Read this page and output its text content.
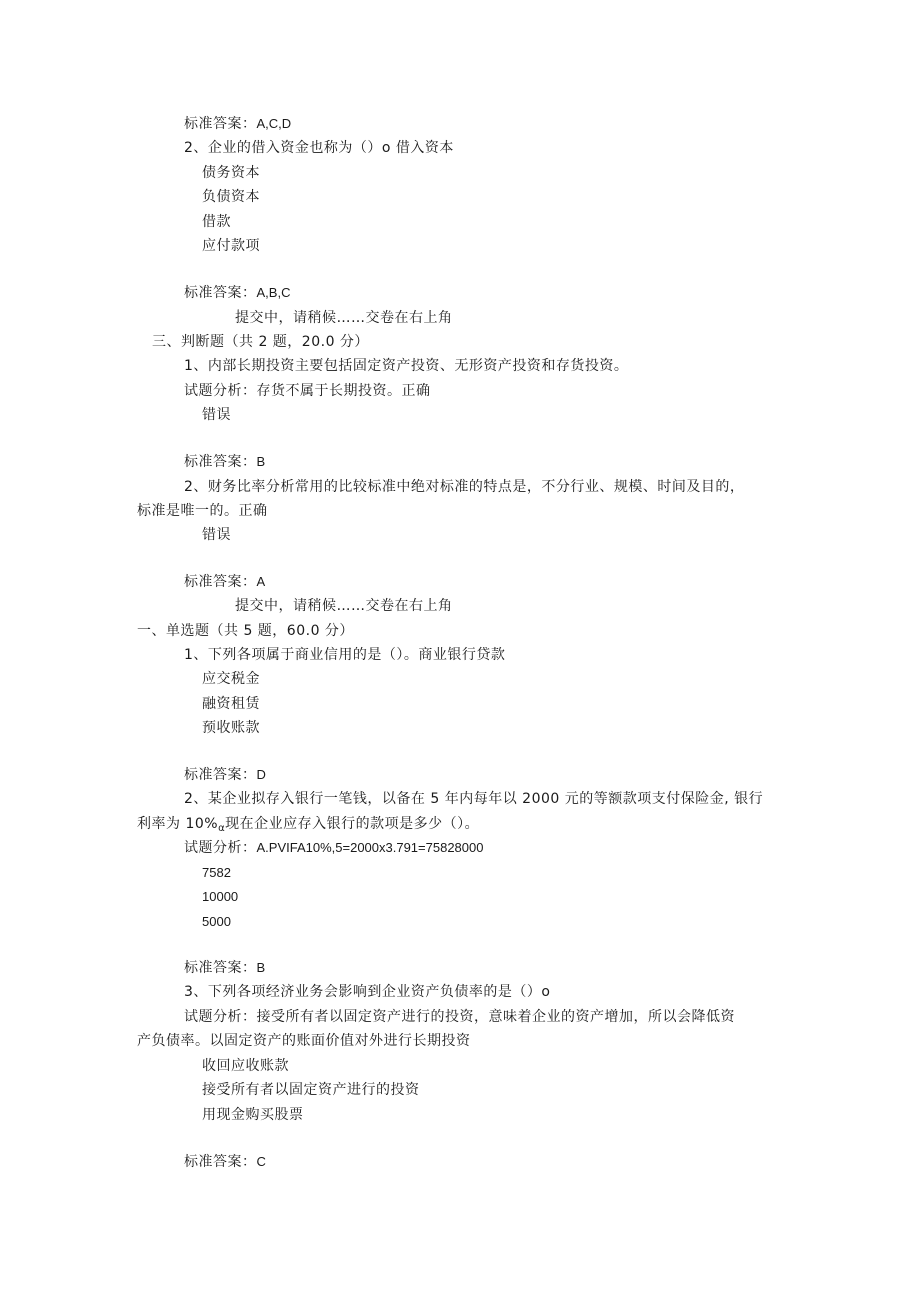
标准答案：A,C,D
2、企业的借入资金也称为（）o 借入资本
债务资本
负债资本
借款
应付款项
标准答案：A,B,C
提交中，请稍候……交卷在右上角
三、判断题（共 2 题，20.0 分）
1、内部长期投资主要包括固定资产投资、无形资产投资和存货投资。
试题分析：存货不属于长期投资。正确
错误
标准答案：B
2、财务比率分析常用的比较标准中绝对标准的特点是，不分行业、规模、时间及目的，
标准是唯一的。正确
错误
标准答案：A
提交中，请稍候……交卷在右上角
一、单选题（共 5 题，60.0 分）
1、下列各项属于商业信用的是（）。商业银行贷款
应交税金
融资租赁
预收账款
标准答案：D
2、某企业拟存入银行一笔钱，以备在 5 年内每年以 2000 元的等额款项支付保险金, 银行
利率为 $10\%_\alpha$现在企业应存入银行的款项是多少（）。
试题分析：A.PVIFA10%,5=2000x3.791=75828000
7582
10000
5000
标准答案：B
3、下列各项经济业务会影响到企业资产负债率的是（）o
试题分析：接受所有者以固定资产进行的投资，意味着企业的资产增加，所以会降低资
产负债率。以固定资产的账面价值对外进行长期投资
收回应收账款
接受所有者以固定资产进行的投资
用现金购买股票
标准答案：C
